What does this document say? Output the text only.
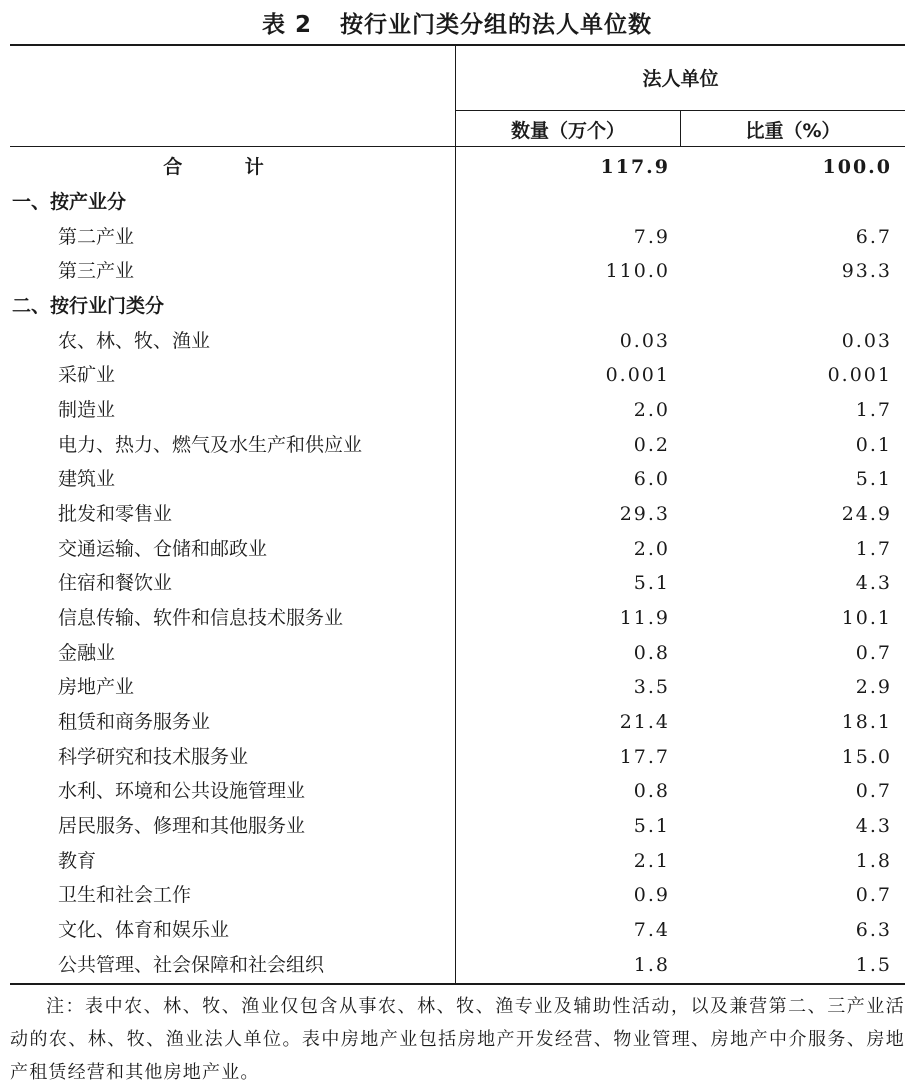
表 2 按行业门类分组的法人单位数
法人单位
数量（万个）	比重（%）
合 计	117.9	100.0
一、按产业分
第二产业	7.9	6.7
第三产业	110.0	93.3
二、按行业门类分
农、林、牧、渔业	0.03	0.03
采矿业	0.001	0.001
制造业	2.0	1.7
电力、热力、燃气及水生产和供应业	0.2	0.1
建筑业	6.0	5.1
批发和零售业	29.3	24.9
交通运输、仓储和邮政业	2.0	1.7
住宿和餐饮业	5.1	4.3
信息传输、软件和信息技术服务业	11.9	10.1
金融业	0.8	0.7
房地产业	3.5	2.9
租赁和商务服务业	21.4	18.1
科学研究和技术服务业	17.7	15.0
水利、环境和公共设施管理业	0.8	0.7
居民服务、修理和其他服务业	5.1	4.3
教育	2.1	1.8
卫生和社会工作	0.9	0.7
文化、体育和娱乐业	7.4	6.3
公共管理、社会保障和社会组织	1.8	1.5
注：表中农、林、牧、渔业仅包含从事农、林、牧、渔专业及辅助性活动，以及兼营第二、三产业活动的农、林、牧、渔业法人单位。表中房地产业包括房地产开发经营、物业管理、房地产中介服务、房地产租赁经营和其他房地产业。
